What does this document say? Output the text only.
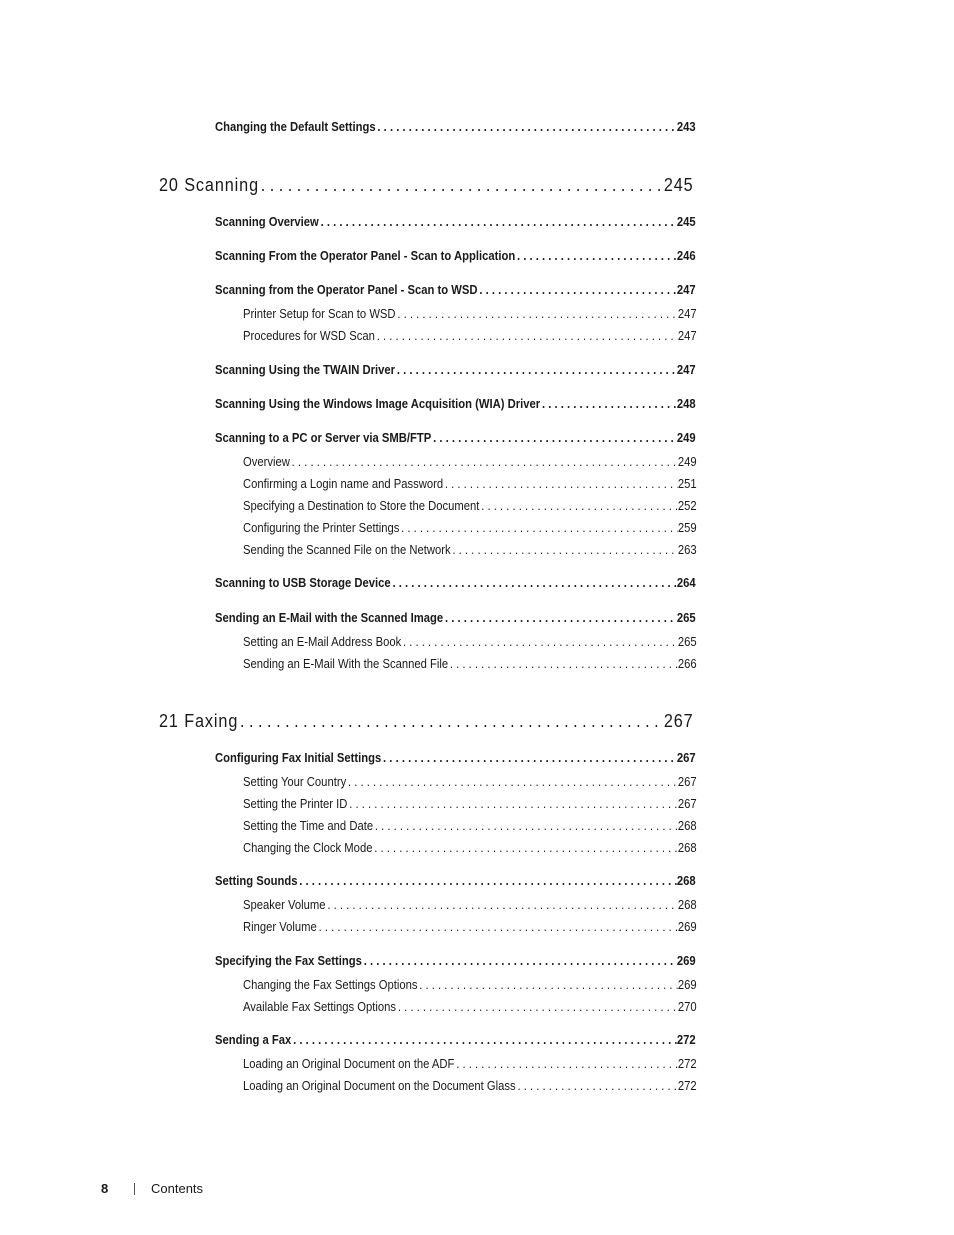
Changing the Default Settings . . .	243
20 Scanning . . .	245
Scanning Overview . . .	245
Scanning From the Operator Panel - Scan to Application . . .	246
Scanning from the Operator Panel - Scan to WSD . . .	247
Printer Setup for Scan to WSD . . .	247
Procedures for WSD Scan . . .	247
Scanning Using the TWAIN Driver . . .	247
Scanning Using the Windows Image Acquisition (WIA) Driver . . .	248
Scanning to a PC or Server via SMB/FTP . . .	249
Overview . . .	249
Confirming a Login name and Password . . .	251
Specifying a Destination to Store the Document . . .	252
Configuring the Printer Settings . . .	259
Sending the Scanned File on the Network . . .	263
Scanning to USB Storage Device . . .	264
Sending an E-Mail with the Scanned Image . . .	265
Setting an E-Mail Address Book . . .	265
Sending an E-Mail With the Scanned File . . .	266
21 Faxing . . .	267
Configuring Fax Initial Settings . . .	267
Setting Your Country . . .	267
Setting the Printer ID . . .	267
Setting the Time and Date . . .	268
Changing the Clock Mode . . .	268
Setting Sounds . . .	268
Speaker Volume . . .	268
Ringer Volume . . .	269
Specifying the Fax Settings . . .	269
Changing the Fax Settings Options . . .	269
Available Fax Settings Options . . .	270
Sending a Fax . . .	272
Loading an Original Document on the ADF . . .	272
Loading an Original Document on the Document Glass . . .	272
8	Contents
